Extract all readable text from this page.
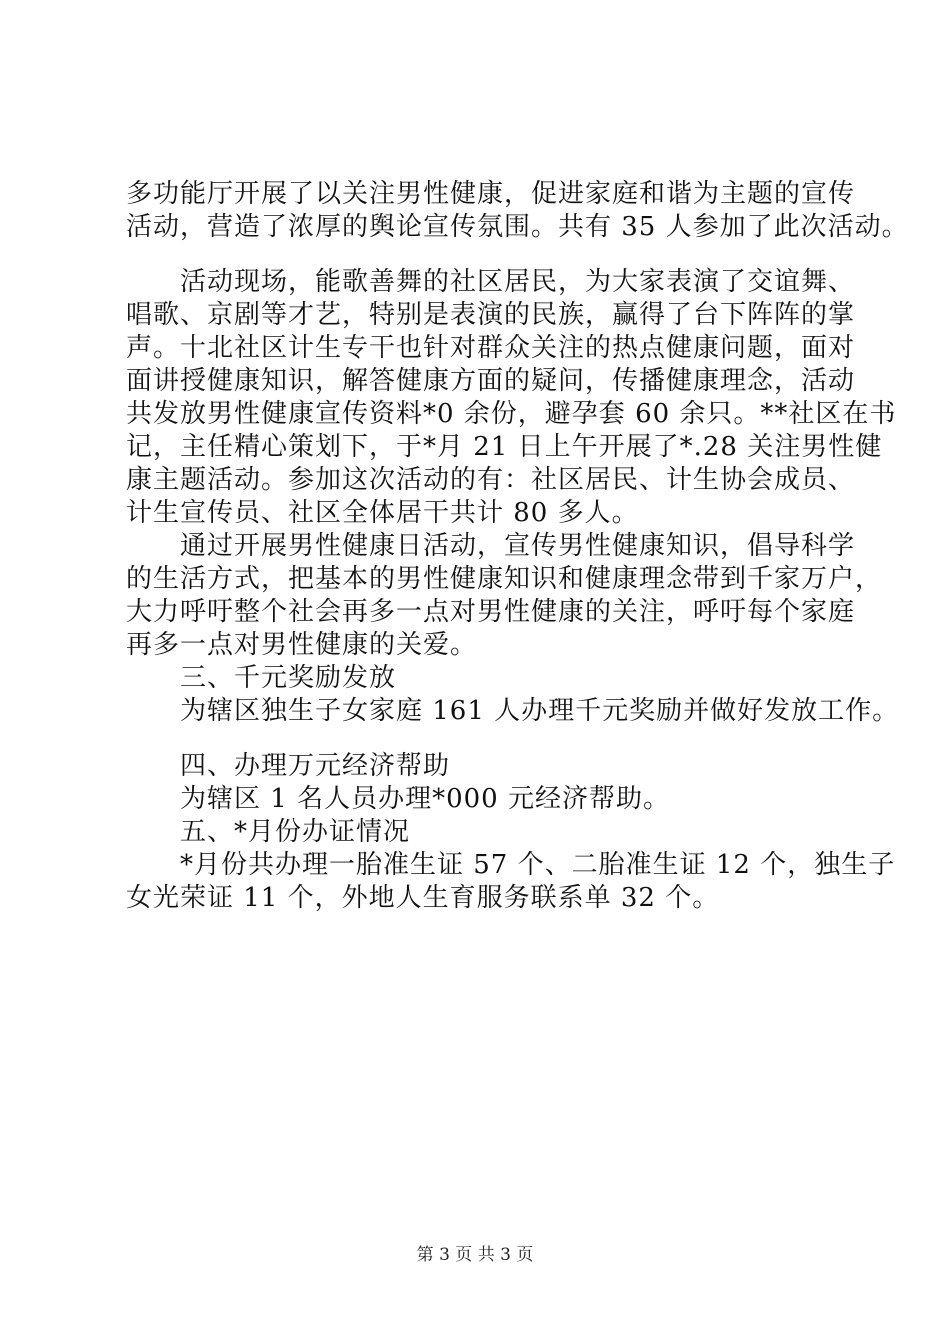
多功能厅开展了以关注男性健康，促进家庭和谐为主题的宣传
活动，营造了浓厚的舆论宣传氛围。共有 35 人参加了此次活动。
活动现场，能歌善舞的社区居民，为大家表演了交谊舞、
唱歌、京剧等才艺，特别是表演的民族，赢得了台下阵阵的掌
声。十北社区计生专干也针对群众关注的热点健康问题，面对
面讲授健康知识，解答健康方面的疑问，传播健康理念，活动
共发放男性健康宣传资料*0 余份，避孕套 60 余只。**社区在书
记，主任精心策划下，于*月 21 日上午开展了*.28 关注男性健
康主题活动。参加这次活动的有：社区居民、计生协会成员、
计生宣传员、社区全体居干共计 80 多人。
通过开展男性健康日活动，宣传男性健康知识，倡导科学
的生活方式，把基本的男性健康知识和健康理念带到千家万户，
大力呼吁整个社会再多一点对男性健康的关注，呼吁每个家庭
再多一点对男性健康的关爱。
三、千元奖励发放
为辖区独生子女家庭 161 人办理千元奖励并做好发放工作。
四、办理万元经济帮助
为辖区 1 名人员办理*000 元经济帮助。
五、*月份办证情况
*月份共办理一胎准生证 57 个、二胎准生证 12 个，独生子
女光荣证 11 个，外地人生育服务联系单 32 个。
第 3 页 共 3 页
